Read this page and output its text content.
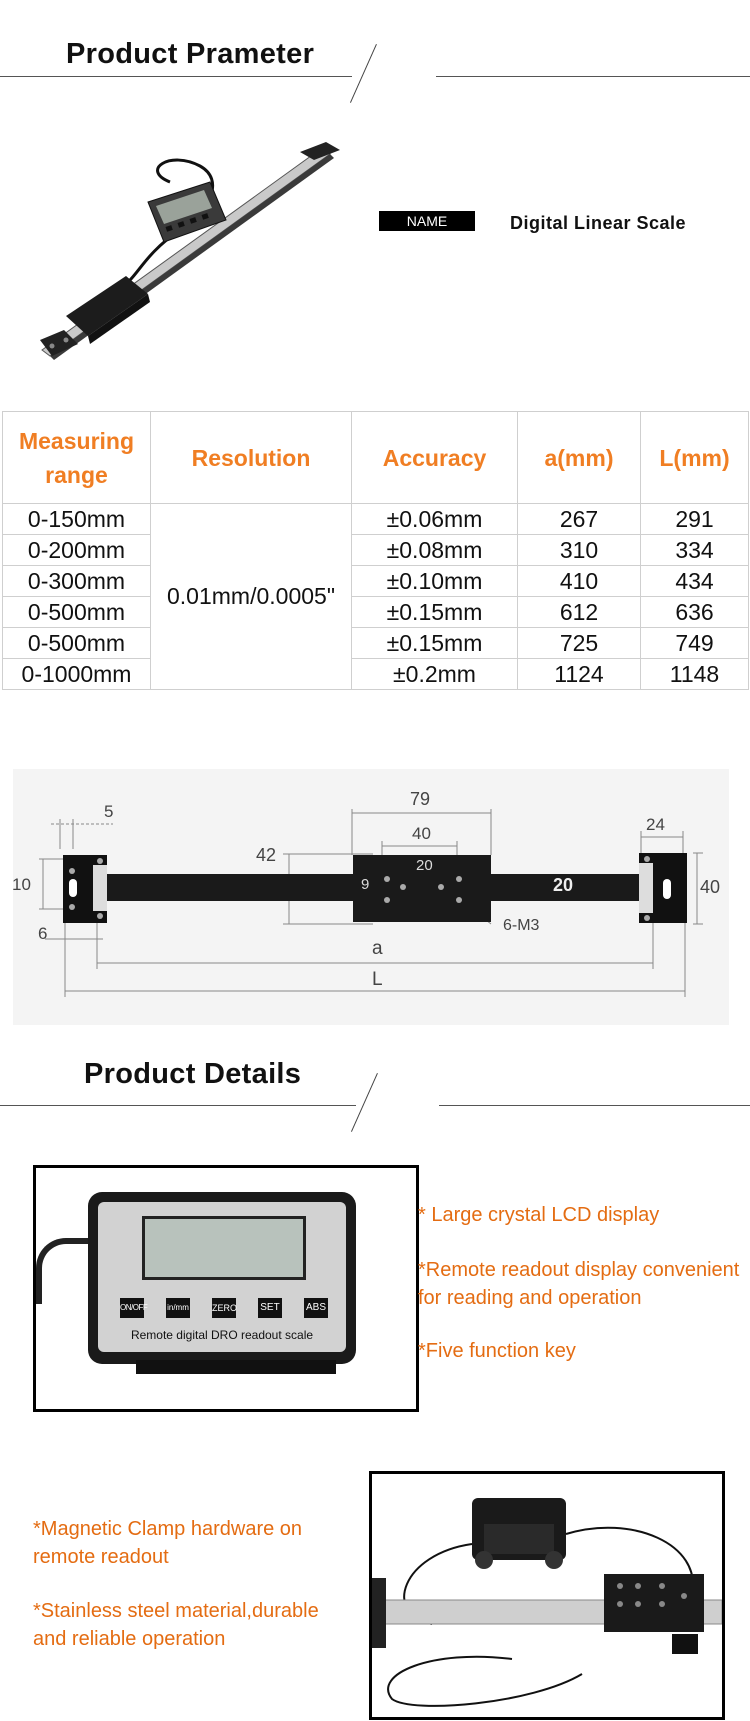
Product Prameter
NAME	Digital Linear Scale
Measuring range	Resolution	Accuracy	a(mm)	L(mm)
0-150mm	0.01mm/0.0005"	±0.06mm	267	291
0-200mm		±0.08mm	310	334
0-300mm		±0.10mm	410	434
0-500mm		±0.15mm	612	636
0-500mm		±0.15mm	725	749
0-1000mm		±0.2mm	1124	1148
5
79
40
42
20
24
10	9	20	40
6	6-M3
a
L
Product Details
ON/OFF in/mm	ZERO SET	ABS
Remote digital DRO readout scale
* Large crystal LCD display
*Remote readout display convenient
for reading and operation
*Five function key
*Magnetic Clamp hardware on
remote readout
*Stainless steel material,durable
and reliable operation
